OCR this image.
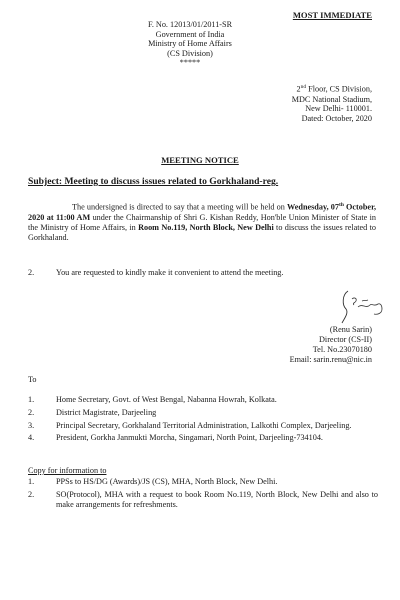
MOST IMMEDIATE
F. No. 12013/01/2011-SR
Government of India
Ministry of Home Affairs
(CS Division)
*****
2nd Floor, CS Division,
MDC National Stadium,
New Delhi- 110001.
Dated: October, 2020
MEETING NOTICE
Subject: Meeting to discuss issues related to Gorkhaland-reg.
The undersigned is directed to say that a meeting will be held on Wednesday, 07th October, 2020 at 11:00 AM under the Chairmanship of Shri G. Kishan Reddy, Hon'ble Union Minister of State in the Ministry of Home Affairs, in Room No.119, North Block, New Delhi to discuss the issues related to Gorkhaland.
2.	You are requested to kindly make it convenient to attend the meeting.
(Renu Sarin)
Director (CS-II)
Tel. No.23070180
Email: sarin.renu@nic.in
To
1.	Home Secretary, Govt. of West Bengal, Nabanna Howrah, Kolkata.
2.	District Magistrate, Darjeeling
3.	Principal Secretary, Gorkhaland Territorial Administration, Lalkothi Complex, Darjeeling.
4.	President, Gorkha Janmukti Morcha, Singamari, North Point, Darjeeling-734104.
Copy for information to
1.	PPSs to HS/DG (Awards)/JS (CS), MHA, North Block, New Delhi.
2.	SO(Protocol), MHA with a request to book Room No.119, North Block, New Delhi and also to make arrangements for refreshments.
